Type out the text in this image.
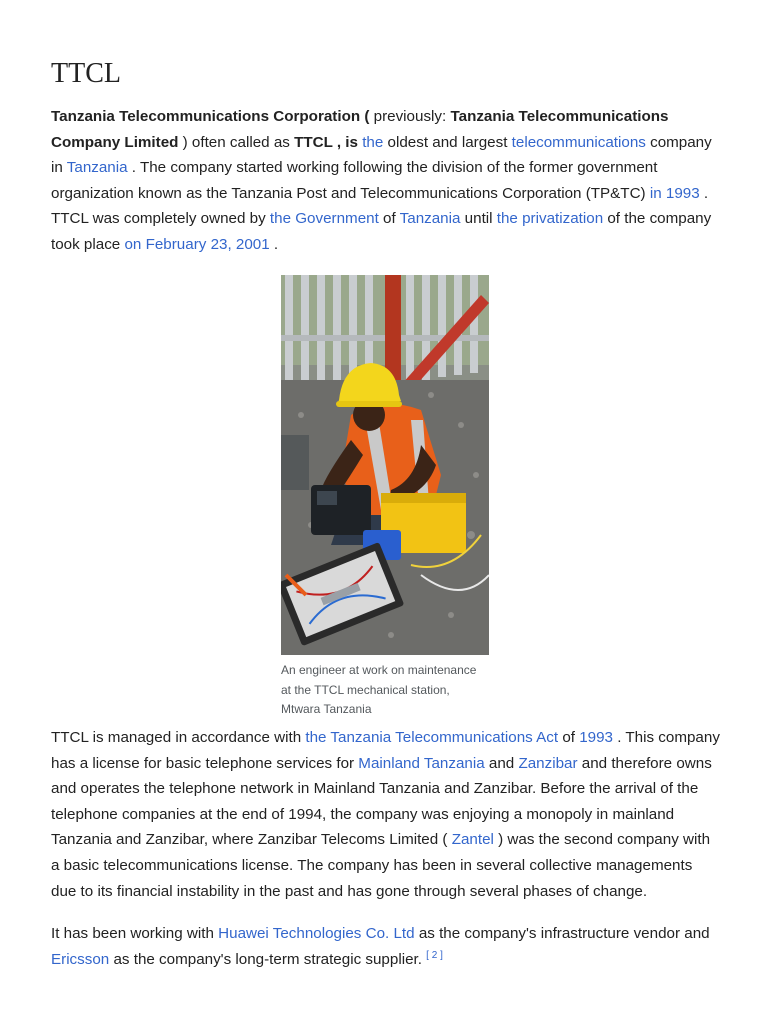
TTCL

Tanzania Telecommunications Corporation ( previously: Tanzania Telecommunications Company Limited ) often called as TTCL , is the oldest and largest telecommunications company in Tanzania . The company started working following the division of the former government organization known as the Tanzania Post and Telecommunications Corporation (TP&TC) in 1993 . TTCL was completely owned by the Government of Tanzania until the privatization of the company took place on February 23, 2001 .

An engineer at work on maintenance at the TTCL mechanical station, Mtwara Tanzania

TTCL is managed in accordance with the Tanzania Telecommunications Act of 1993 . This company has a license for basic telephone services for Mainland Tanzania and Zanzibar and therefore owns and operates the telephone network in Mainland Tanzania and Zanzibar. Before the arrival of the telephone companies at the end of 1994, the company was enjoying a monopoly in mainland Tanzania and Zanzibar, where Zanzibar Telecoms Limited ( Zantel ) was the second company with a basic telecommunications license. The company has been in several collective managements due to its financial instability in the past and has gone through several phases of change.

It has been working with Huawei Technologies Co. Ltd as the company's infrastructure vendor and Ericsson as the company's long-term strategic supplier. [ 2 ]
